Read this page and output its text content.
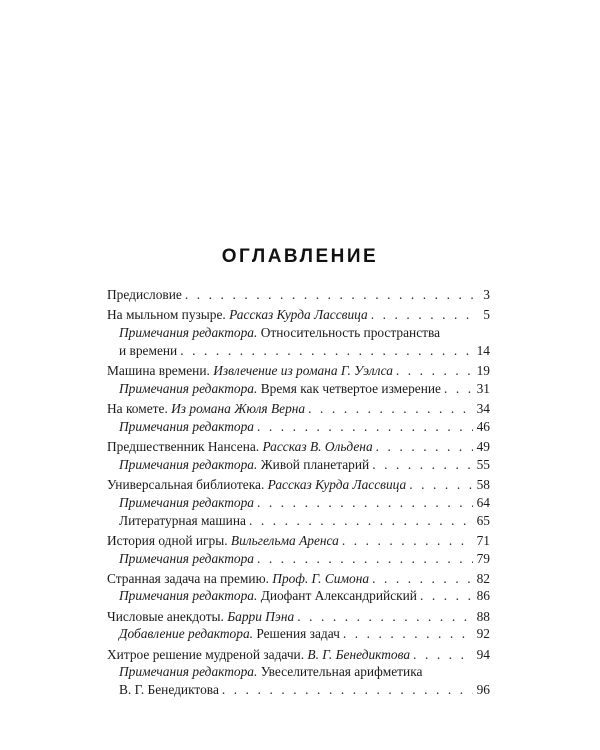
ОГЛАВЛЕНИЕ
Предисловие . . .	3
На мыльном пузыре. Рассказ Курда Лассвица . . .	5
Примечания редактора. Относительность пространства
и времени . . .	14
Машина времени. Извлечение из романа Г. Уэллса . . .	19
Примечания редактора. Время как четвертое измерение . . .	31
На комете. Из романа Жюля Верна . . .	34
Примечания редактора . . .	46
Предшественник Нансена. Рассказ В. Ольдена . . .	49
Примечания редактора. Живой планетарий . . .	55
Универсальная библиотека. Рассказ Курда Лассвица . . .	58
Примечания редактора . . .	64
Литературная машина . . .	65
История одной игры. Вильгельма Аренса . . .	71
Примечания редактора . . .	79
Странная задача на премию. Проф. Г. Симона . . .	82
Примечания редактора. Диофант Александрийский . . .	86
Числовые анекдоты. Барри Пэна . . .	88
Добавление редактора. Решения задач . . .	92
Хитрое решение мудреной задачи. В. Г. Бенедиктова . . .	94
Примечания редактора. Увеселительная арифметика
В. Г. Бенедиктова . . .	96
